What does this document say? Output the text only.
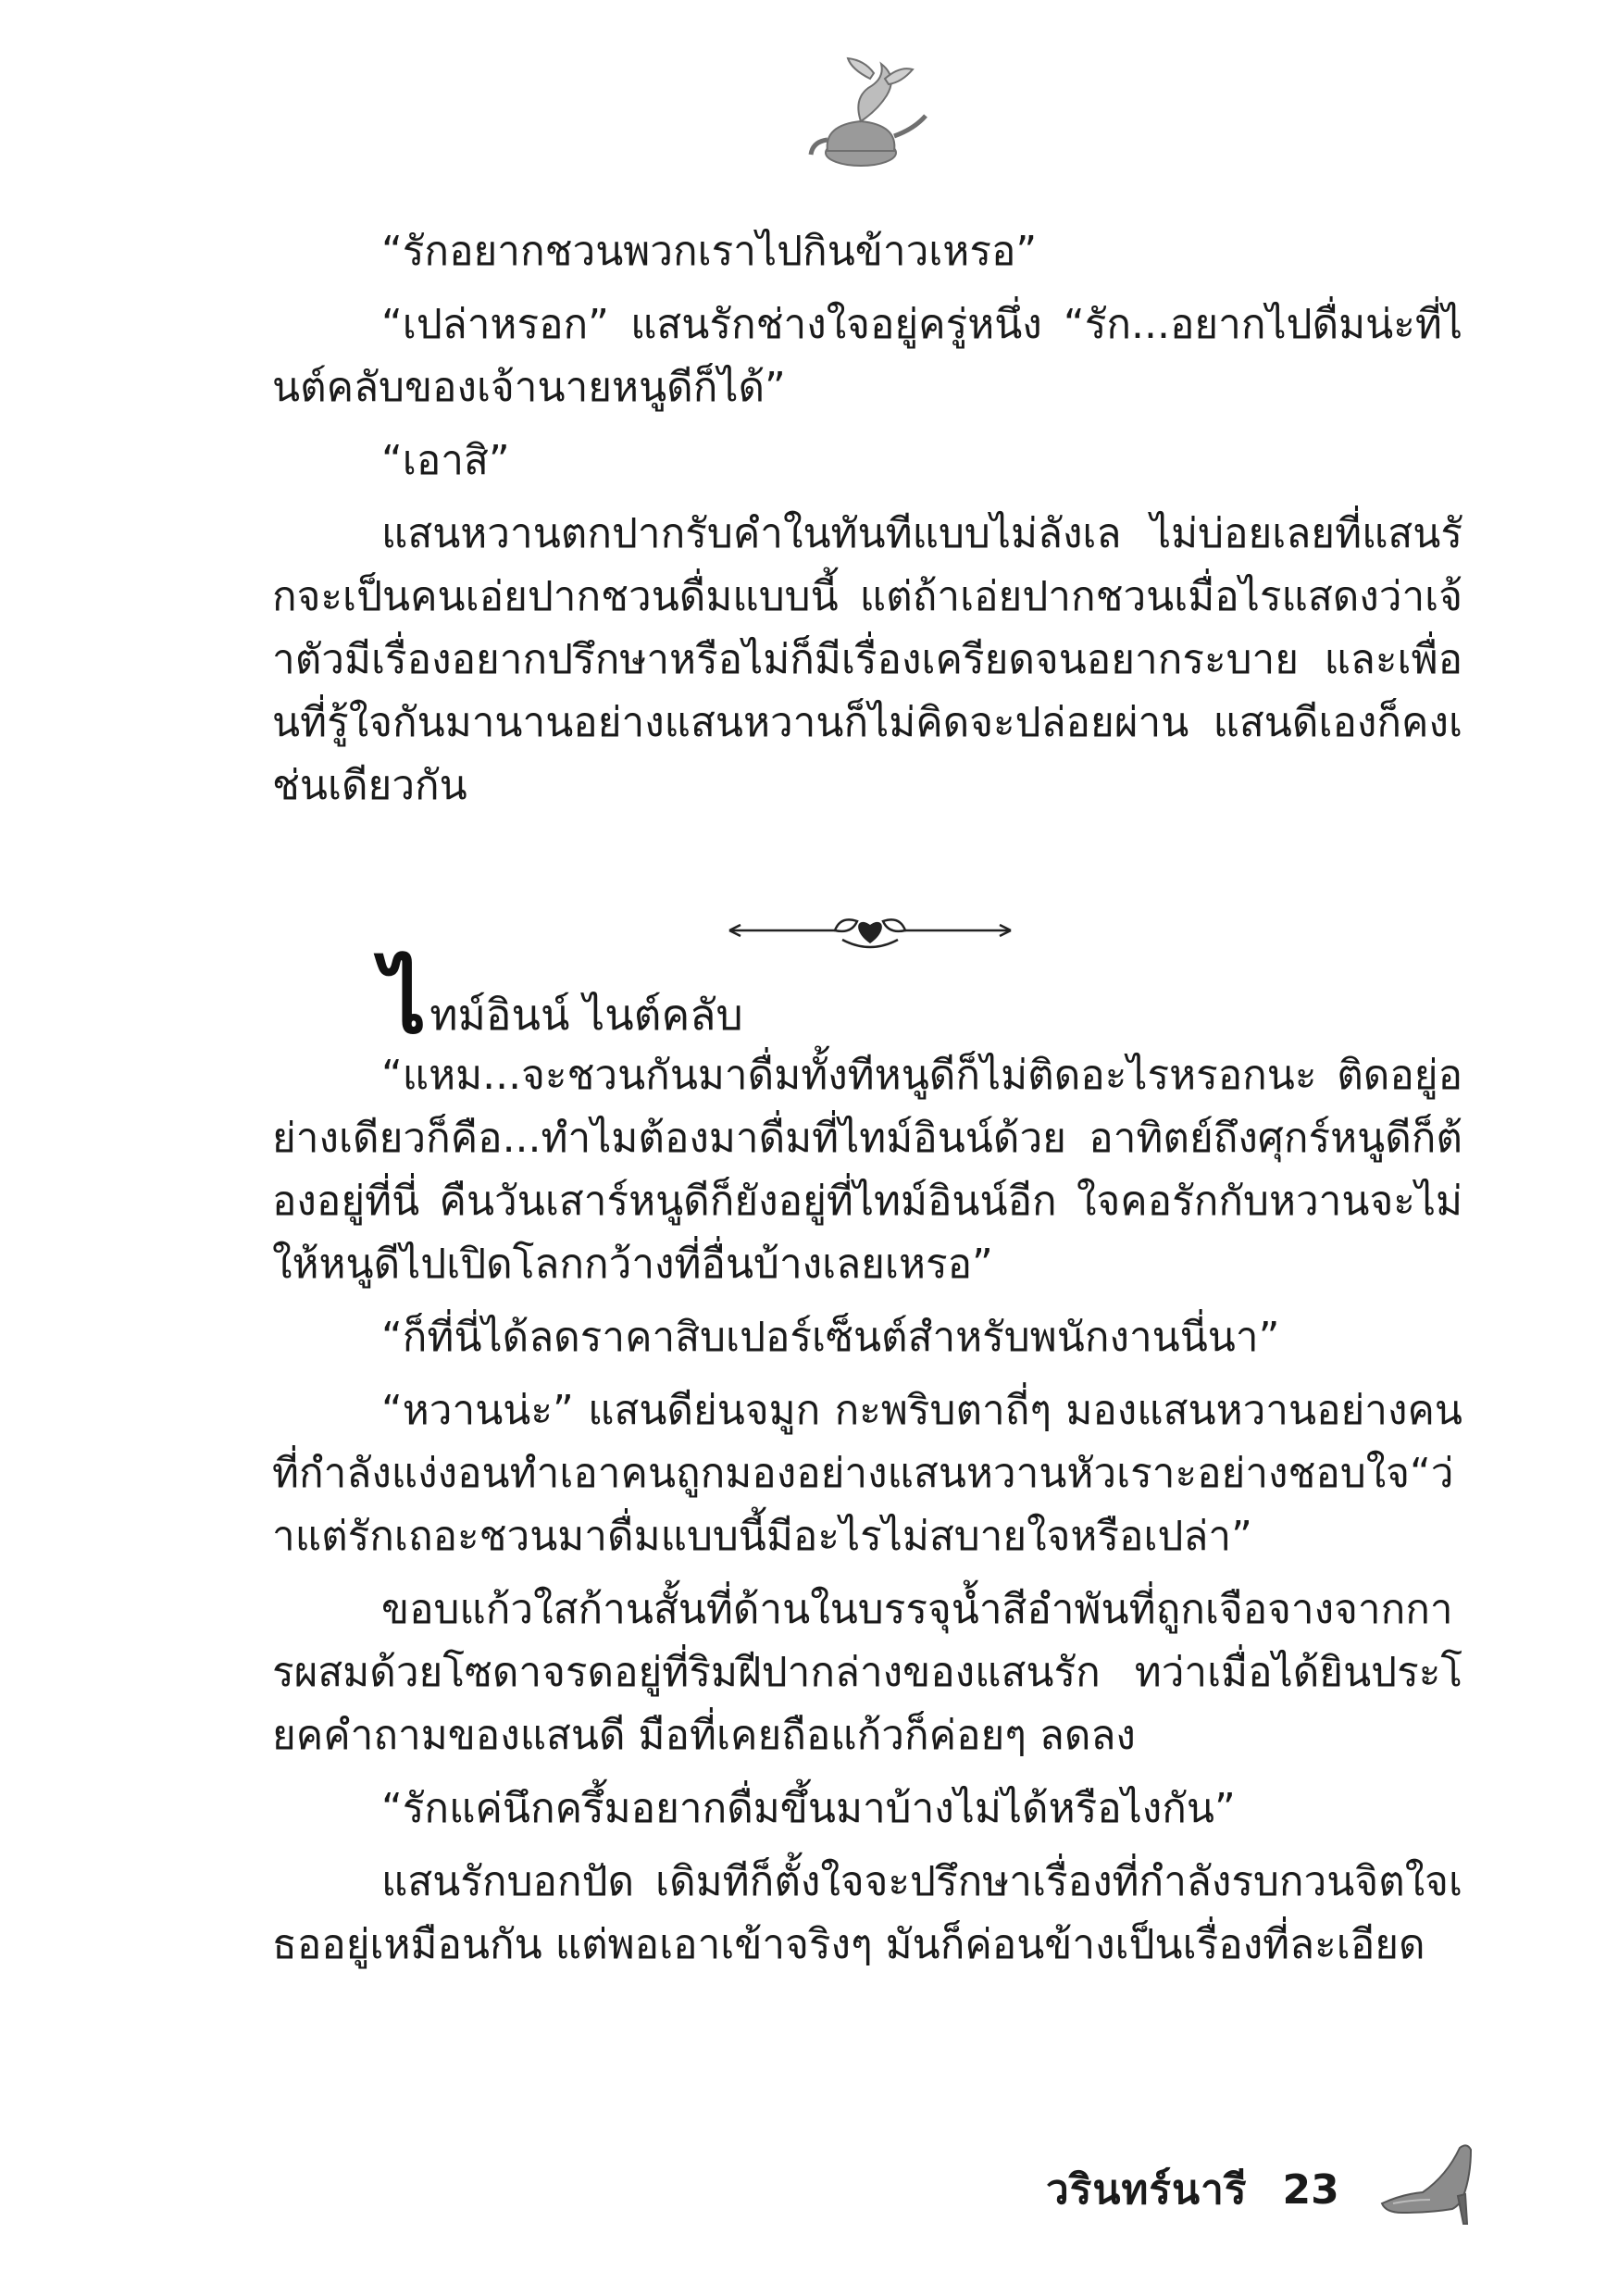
“รักอยากชวนพวกเราไปกินข้าวเหรอ”

“เปล่าหรอก” แสนรักช่างใจอยู่ครู่หนึ่ง “รัก...อยากไปดื่มน่ะที่ไนต์คลับของเจ้านายหนูดีก็ได้”

“เอาสิ”

แสนหวานตกปากรับคำในทันทีแบบไม่ลังเล ไม่บ่อยเลยที่แสนรักจะเป็นคนเอ่ยปากชวนดื่มแบบนี้ แต่ถ้าเอ่ยปากชวนเมื่อไรแสดงว่าเจ้าตัวมีเรื่องอยากปรึกษาหรือไม่ก็มีเรื่องเครียดจนอยากระบาย และเพื่อนที่รู้ใจกันมานานอย่างแสนหวานก็ไม่คิดจะปล่อยผ่าน แสนดีเองก็คงเช่นเดียวกัน

ไ ทม์อินน์ ไนต์คลับ

“แหม...จะชวนกันมาดื่มทั้งทีหนูดีก็ไม่ติดอะไรหรอกนะ ติดอยู่อย่างเดียวก็คือ...ทำไมต้องมาดื่มที่ไทม์อินน์ด้วย อาทิตย์ถึงศุกร์หนูดีก็ต้องอยู่ที่นี่ คืนวันเสาร์หนูดีก็ยังอยู่ที่ไทม์อินน์อีก ใจคอรักกับหวานจะไม่ให้หนูดีไปเปิดโลกกว้างที่อื่นบ้างเลยเหรอ”

“ก็ที่นี่ได้ลดราคาสิบเปอร์เซ็นต์สำหรับพนักงานนี่นา”

“หวานน่ะ” แสนดีย่นจมูก กะพริบตาถี่ๆ มองแสนหวานอย่างคนที่กำลังแง่งอนทำเอาคนถูกมองอย่างแสนหวานหัวเราะอย่างชอบใจ“ว่าแต่รักเถอะชวนมาดื่มแบบนี้มีอะไรไม่สบายใจหรือเปล่า”

ขอบแก้วใสก้านสั้นที่ด้านในบรรจุน้ำสีอำพันที่ถูกเจือจางจากการผสมด้วยโซดาจรดอยู่ที่ริมฝีปากล่างของแสนรัก ทว่าเมื่อได้ยินประโยคคำถามของแสนดี มือที่เคยถือแก้วก็ค่อยๆ ลดลง

“รักแค่นึกครึ้มอยากดื่มขึ้นมาบ้างไม่ได้หรือไงกัน”

แสนรักบอกปัด เดิมทีก็ตั้งใจจะปรึกษาเรื่องที่กำลังรบกวนจิตใจเธออยู่เหมือนกัน แต่พอเอาเข้าจริงๆ มันก็ค่อนข้างเป็นเรื่องที่ละเอียด

วรินทร์นารี 23
